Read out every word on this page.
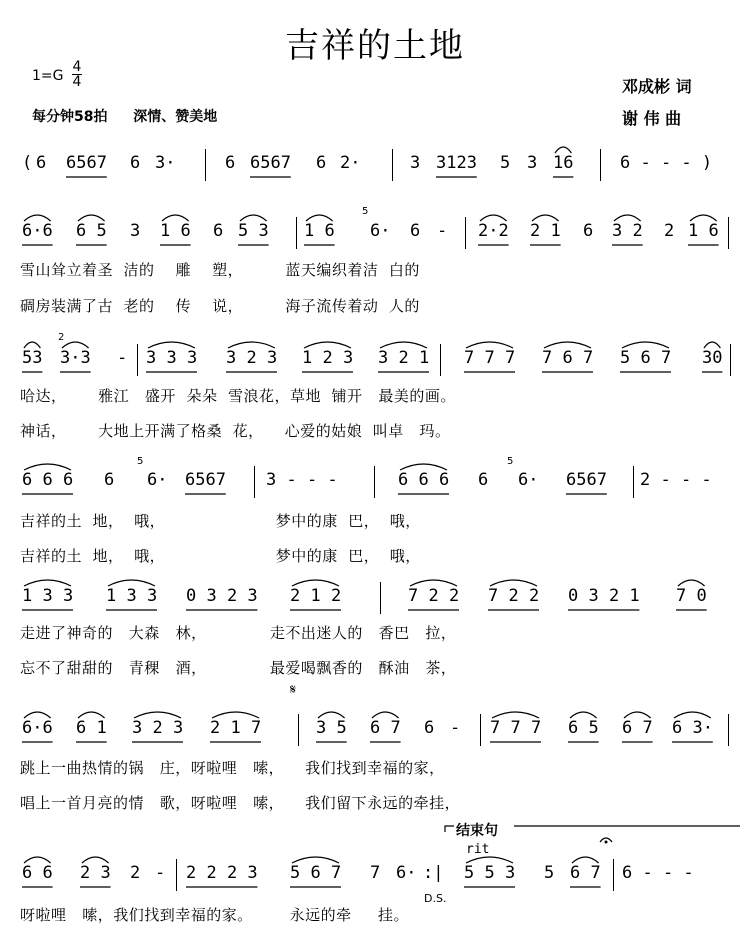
吉祥的土地
1=G
4
4
每分钟58拍 深情、赞美地
邓成彬 词
谢 伟 曲
( 6 6567 6 3·	6 6567 6 2·	3 3123 5 3 16	6 - - - )
6·6 6 5 3 1 6 6 5 3 1 6 6· 6 - 2·2 2 1 6 3 2 2 1 6
53 3·3 - 3 3 3 3 2 3 1 2 3 3 2 1 7 7 7 7 6 7 5 6 7 30
6 6 6 6 6· 6567 3 - - -	6 6 6 6 6· 6567 2 - - -
1 3 3 1 3 3 0 3 2 3 2 1 2	7 2 2 7 2 2 0 3 2 1 7 0
6·6 6 1 3 2 3 2 1 7	3 5 6 7 6 - 7 7 7 6 5 6 7 6 3·
6 6 2 3 2 - 2 2 2 3 5 6 7 7 6· :| 5 5 3 5 6 7 6 - - -
雪山耸立着圣  洁的    雕    塑，        蓝天编织着洁  白的
碉房装满了古  老的    传    说，        海子流传着动  人的
哈达，      雅江   盛开  朵朵  雪浪花，草地  铺开   最美的画。
神话，      大地上开满了格桑  花，    心爱的姑娘  叫卓   玛。
吉祥的土  地，  哦，                     梦中的康  巴，  哦，
吉祥的土  地，  哦，                     梦中的康  巴，  哦，
走进了神奇的   大森   林，            走不出迷人的   香巴   拉，
忘不了甜甜的   青稞   酒，            最爱喝飘香的   酥油   茶，
跳上一曲热情的锅   庄，呀啦哩   嗦，    我们找到幸福的家，
唱上一首月亮的情   歌，呀啦哩   嗦，    我们留下永远的牵挂，
呀啦哩   嗦，我们找到幸福的家。       永远的牵     挂。
5
2
5	5
𝄋
结束句
rit
D.S.
